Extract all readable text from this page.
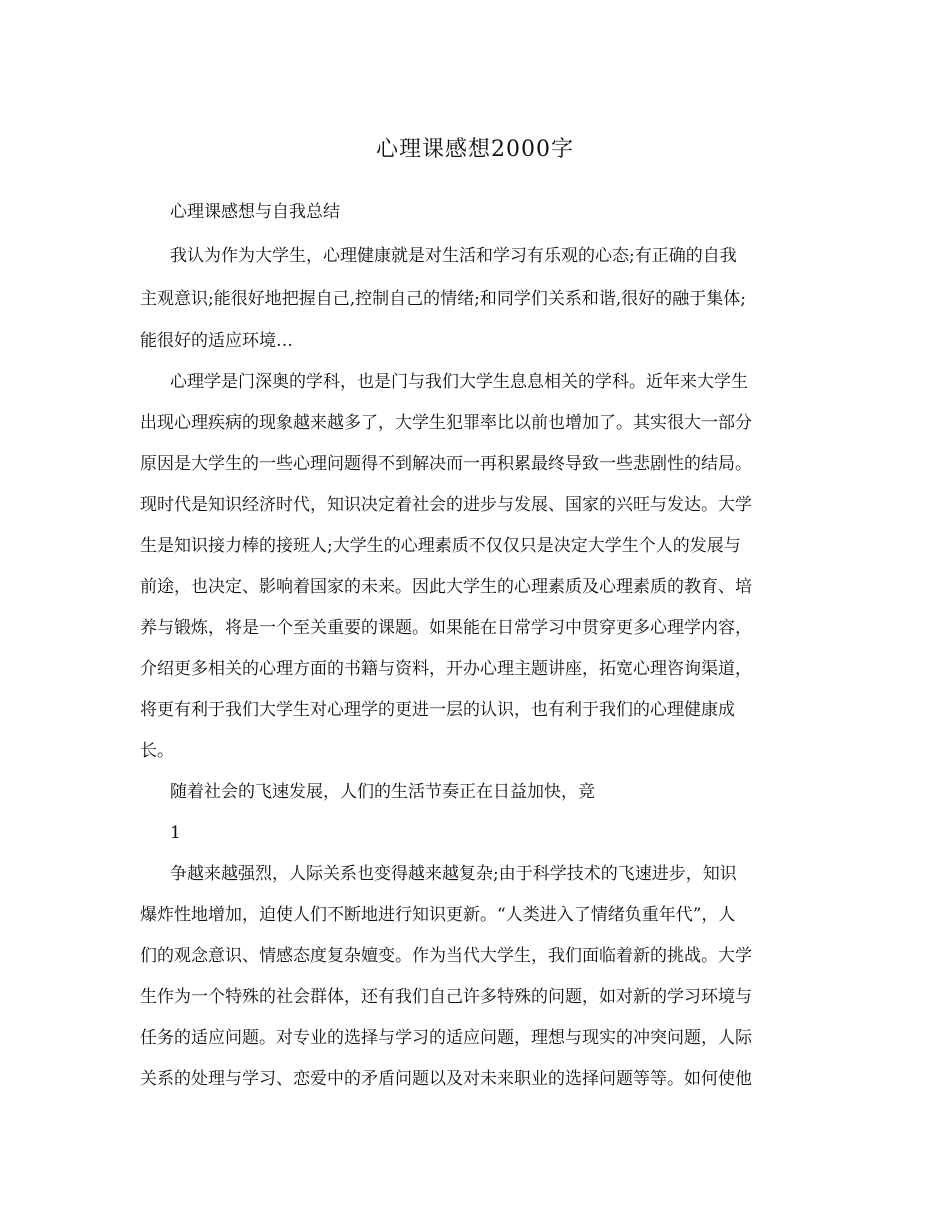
心理课感想2000字
心理课感想与自我总结
我认为作为大学生，心理健康就是对生活和学习有乐观的心态;有正确的自我
主观意识;能很好地把握自己,控制自己的情绪;和同学们关系和谐,很好的融于集体;
能很好的适应环境…
心理学是门深奥的学科，也是门与我们大学生息息相关的学科。近年来大学生
出现心理疾病的现象越来越多了，大学生犯罪率比以前也增加了。其实很大一部分
原因是大学生的一些心理问题得不到解决而一再积累最终导致一些悲剧性的结局。
现时代是知识经济时代，知识决定着社会的进步与发展、国家的兴旺与发达。大学
生是知识接力棒的接班人;大学生的心理素质不仅仅只是决定大学生个人的发展与
前途，也决定、影响着国家的未来。因此大学生的心理素质及心理素质的教育、培
养与锻炼，将是一个至关重要的课题。如果能在日常学习中贯穿更多心理学内容，
介绍更多相关的心理方面的书籍与资料，开办心理主题讲座，拓宽心理咨询渠道，
将更有利于我们大学生对心理学的更进一层的认识，也有利于我们的心理健康成
长。
随着社会的飞速发展，人们的生活节奏正在日益加快，竞
1
争越来越强烈，人际关系也变得越来越复杂;由于科学技术的飞速进步，知识
爆炸性地增加，迫使人们不断地进行知识更新。“人类进入了情绪负重年代”，人
们的观念意识、情感态度复杂嬗变。作为当代大学生，我们面临着新的挑战。大学
生作为一个特殊的社会群体，还有我们自己许多特殊的问题，如对新的学习环境与
任务的适应问题。对专业的选择与学习的适应问题，理想与现实的冲突问题，人际
关系的处理与学习、恋爱中的矛盾问题以及对未来职业的选择问题等等。如何使他
